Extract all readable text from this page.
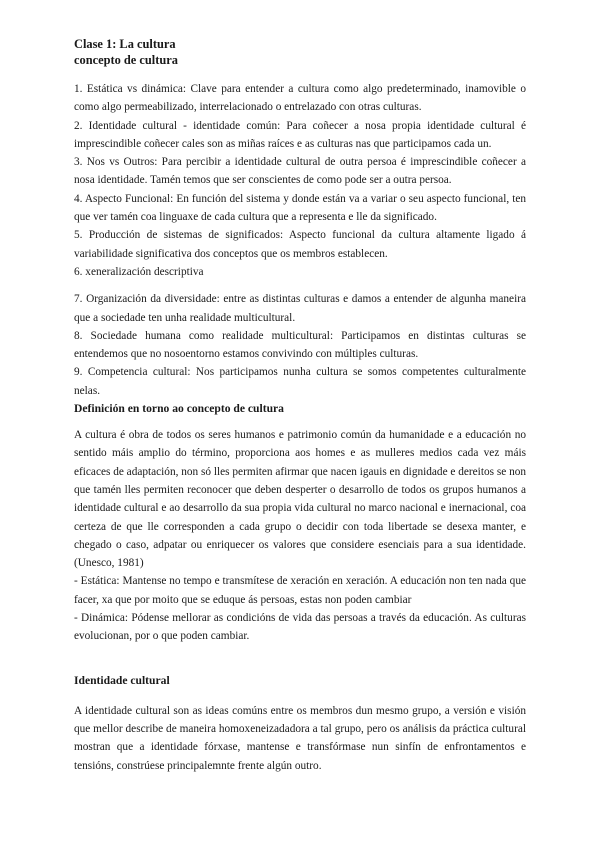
Clase 1: La cultura

concepto de cultura

1. Estática vs dinámica: Clave para entender a cultura como algo predeterminado, inamovible o como algo permeabilizado, interrelacionado o entrelazado con otras culturas.

2. Identidade cultural - identidade común: Para coñecer a nosa propia identidade cultural é imprescindible coñecer cales son as miñas raíces e as culturas nas que participamos cada un.

3. Nos vs Outros: Para percibir a identidade cultural de outra persoa é imprescindible coñecer a nosa identidade. Tamén temos que ser conscientes de como pode ser a outra persoa.

4. Aspecto Funcional: En función del sistema y donde están va a variar o seu aspecto funcional, ten que ver tamén coa linguaxe de cada cultura que a representa e lle da significado.

5. Producción de sistemas de significados: Aspecto funcional da cultura altamente ligado á variabilidade significativa dos conceptos que os membros establecen.

6. xeneralización descriptiva

7. Organización da diversidade: entre as distintas culturas e damos a entender de algunha maneira que a sociedade ten unha realidade multicultural.

8. Sociedade humana como realidade multicultural: Participamos en distintas culturas se entendemos que no nosoentorno estamos convivindo con múltiples culturas.

9. Competencia cultural: Nos participamos nunha cultura se somos competentes culturalmente nelas.

Definición en torno ao concepto de cultura

A cultura é obra de todos os seres humanos e patrimonio común da humanidade e a educación no sentido máis amplio do término, proporciona aos homes e as mulleres medios cada vez máis eficaces de adaptación, non só lles permiten afirmar que nacen igauis en dignidade e dereitos se non que tamén lles permiten reconocer que deben desperter o desarrollo de todos os grupos humanos a identidade cultural e ao desarrollo da sua propia vida cultural no marco nacional e inernacional, coa certeza de que lle corresponden a cada grupo o decidir con toda libertade se desexa manter, e chegado o caso, adpatar ou enriquecer os valores que considere esenciais para a sua identidade. (Unesco, 1981)

- Estática: Mantense no tempo e transmítese de xeración en xeración. A educación non ten nada que facer, xa que por moito que se eduque ás persoas, estas non poden cambiar

- Dinámica: Pódense mellorar as condicións de vida das persoas a través da educación. As culturas evolucionan, por o que poden cambiar.

Identidade cultural

A identidade cultural son as ideas comúns entre os membros dun mesmo grupo, a versión e visión que mellor describe de maneira homoxeneizadadora a tal grupo, pero os análisis da práctica cultural mostran que a identidade fórxase, mantense e transfórmase nun sinfín de enfrontamentos e tensións, constrúese principalemnte frente algún outro.
